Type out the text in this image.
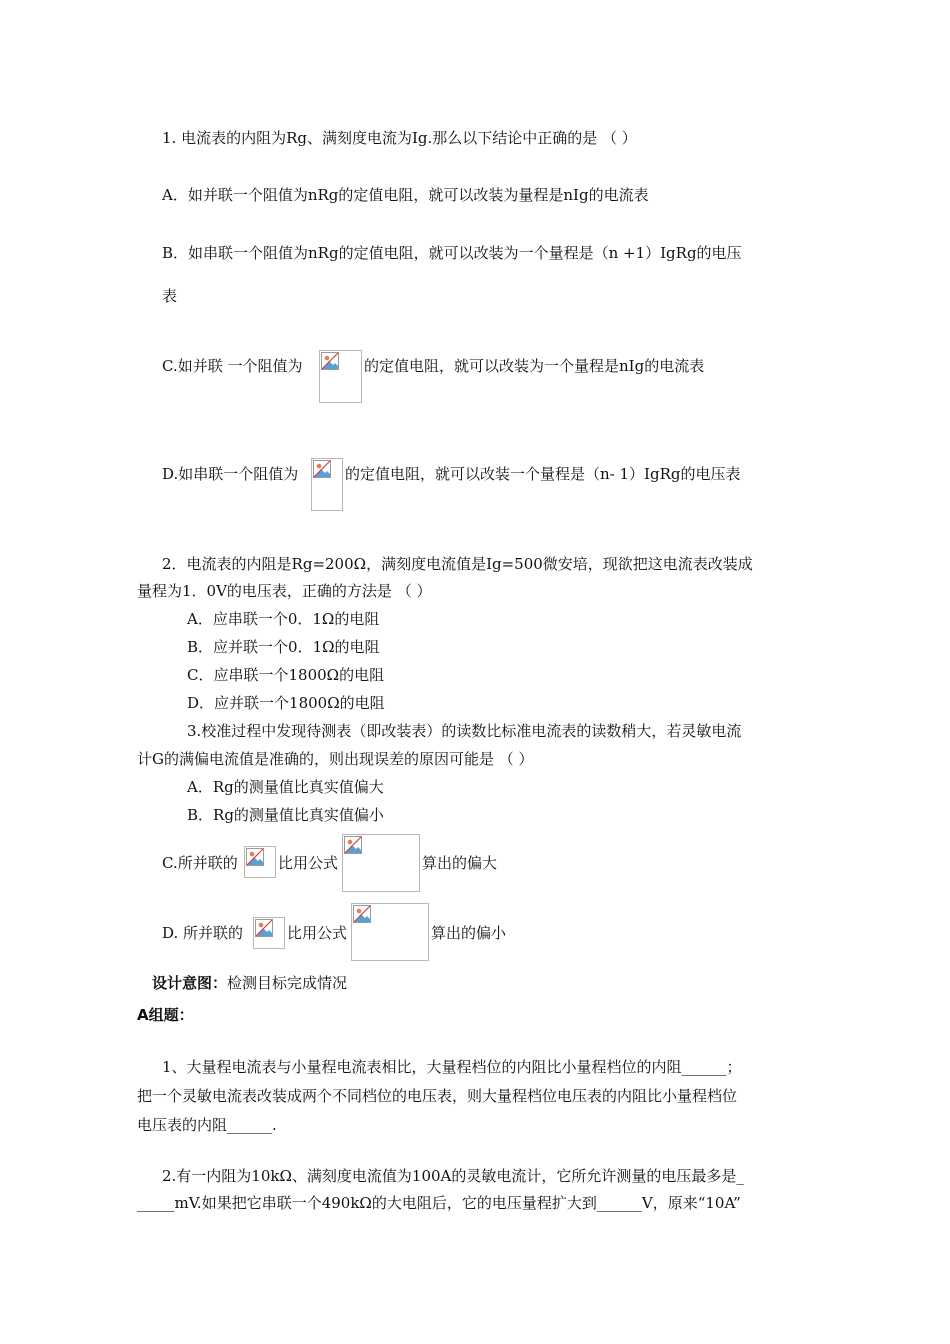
1. 电流表的内阻为Rg、满刻度电流为Ig.那么以下结论中正确的是 （ ）
A．如并联一个阻值为nRg的定值电阻，就可以改装为量程是nIg的电流表
B．如串联一个阻值为nRg的定值电阻，就可以改装为一个量程是（n +1）IgRg的电压
表
C.如并联 一个阻值为	的定值电阻，就可以改装为一个量程是nIg的电流表
D.如串联一个阻值为	的定值电阻，就可以改装一个量程是（n- 1）IgRg的电压表
2．电流表的内阻是Rg=200Ω，满刻度电流值是Ig=500微安培，现欲把这电流表改装成
量程为1．0V的电压表，正确的方法是 （ ）
A．应串联一个0．1Ω的电阻
B．应并联一个0．1Ω的电阻
C．应串联一个1800Ω的电阻
D．应并联一个1800Ω的电阻
3.校准过程中发现待测表（即改装表）的读数比标准电流表的读数稍大，若灵敏电流
计G的满偏电流值是准确的，则出现误差的原因可能是 （ ）
A．Rg的测量值比真实值偏大
B．Rg的测量值比真实值偏小
C.所并联的	比用公式	算出的偏大
D. 所并联的	比用公式	算出的偏小
设计意图：检测目标完成情况
A组题：
1、大量程电流表与小量程电流表相比，大量程档位的内阻比小量程档位的内阻______；
把一个灵敏电流表改装成两个不同档位的电压表，则大量程档位电压表的内阻比小量程档位
电压表的内阻______.
2.有一内阻为10kΩ、满刻度电流值为100A的灵敏电流计，它所允许测量的电压最多是_
_____mV.如果把它串联一个490kΩ的大电阻后，它的电压量程扩大到______V，原来“10A”
